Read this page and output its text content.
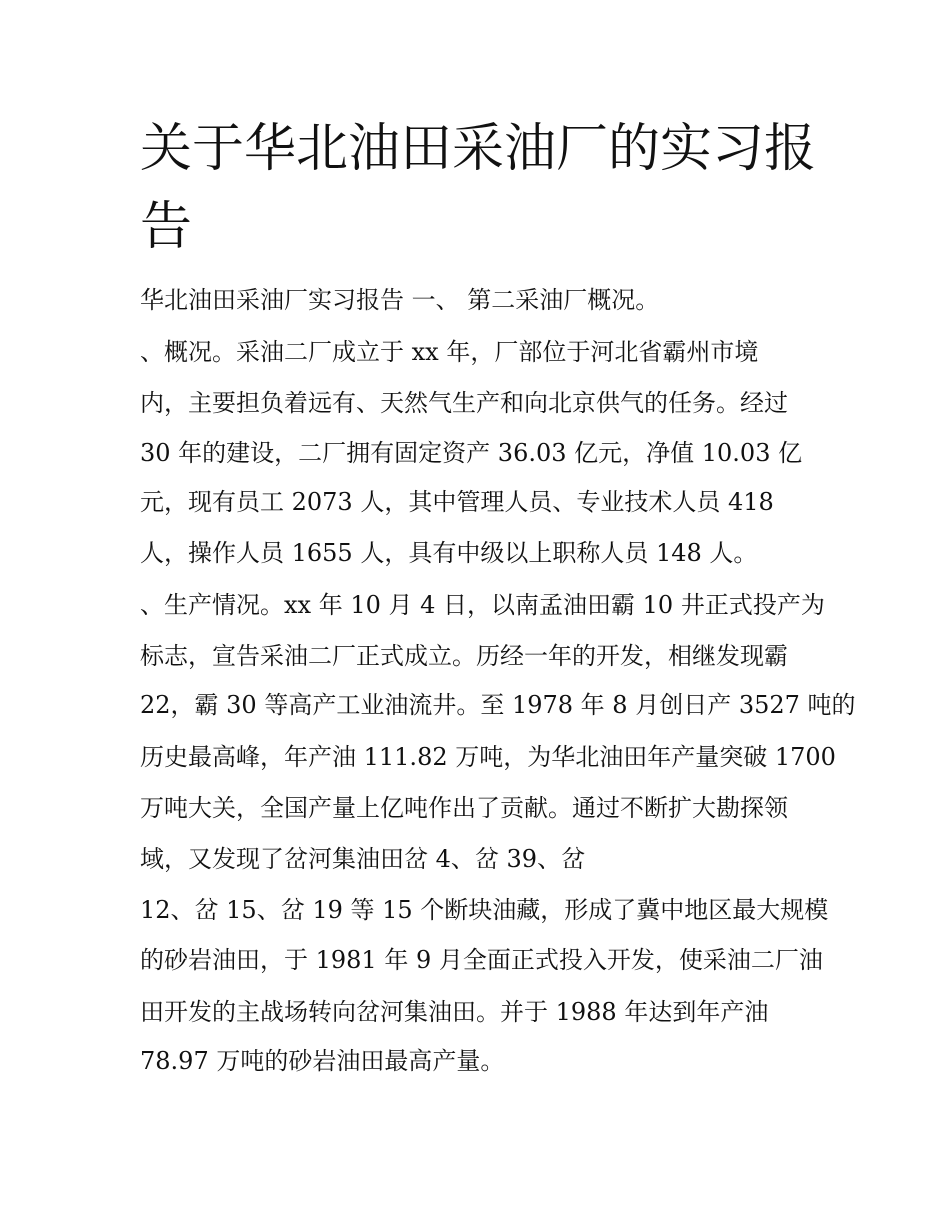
关于华北油田采油厂的实习报
告

华北油田采油厂实习报告 一、 第二采油厂概况。

、概况。采油二厂成立于 xx 年，厂部位于河北省霸州市境

内，主要担负着远有、天然气生产和向北京供气的任务。经过

30 年的建设，二厂拥有固定资产 36.03 亿元，净值 10.03 亿

元，现有员工 2073 人，其中管理人员、专业技术人员 418

人，操作人员 1655 人，具有中级以上职称人员 148 人。

、生产情况。xx 年 10 月 4 日，以南孟油田霸 10 井正式投产为

标志，宣告采油二厂正式成立。历经一年的开发，相继发现霸

22，霸 30 等高产工业油流井。至 1978 年 8 月创日产 3527 吨的

历史最高峰，年产油 111.82 万吨，为华北油田年产量突破 1700

万吨大关，全国产量上亿吨作出了贡献。通过不断扩大勘探领

域，又发现了岔河集油田岔 4、岔 39、岔

12、岔 15、岔 19 等 15 个断块油藏，形成了冀中地区最大规模

的砂岩油田，于 1981 年 9 月全面正式投入开发，使采油二厂油

田开发的主战场转向岔河集油田。并于 1988 年达到年产油

78.97 万吨的砂岩油田最高产量。
